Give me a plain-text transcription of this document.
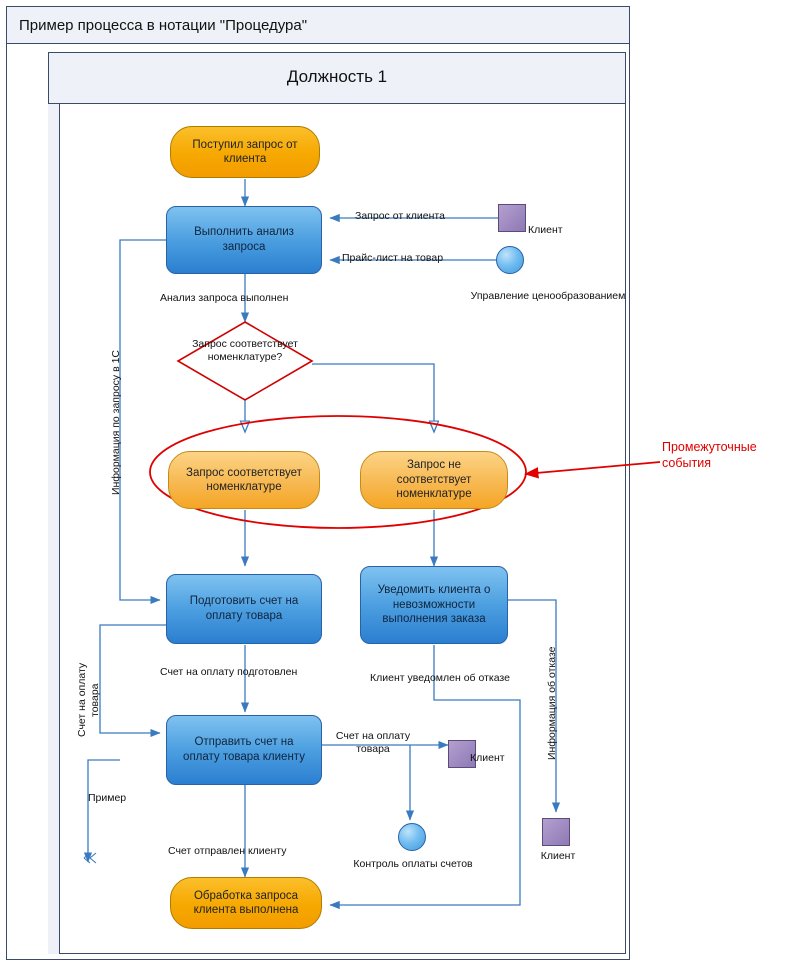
Пример процесса в нотации "Процедура"
Должность 1
Поступил запрос от клиента
Выполнить анализ запроса
Запрос соответствует номенклатуре?
Запрос соответствует номенклатуре
Запрос не соответствует номенклатуре
Подготовить счет на оплату товара
Уведомить клиента о невозможности выполнения заказа
Отправить счет на оплату товара клиенту
Обработка запроса клиента выполнена
Клиент
Управление ценообразованием
Клиент
Контроль оплаты счетов
Клиент
Анализ запроса выполнен
Запрос от клиента
Прайс-лист на товар
Информация по запросу в 1С
Счет на оплату товара
Счет на оплату подготовлен
Счет на оплату товара
Клиент уведомлен об отказе	Информация об отказе
Пример
Счет отправлен клиенту
Промежуточные события
